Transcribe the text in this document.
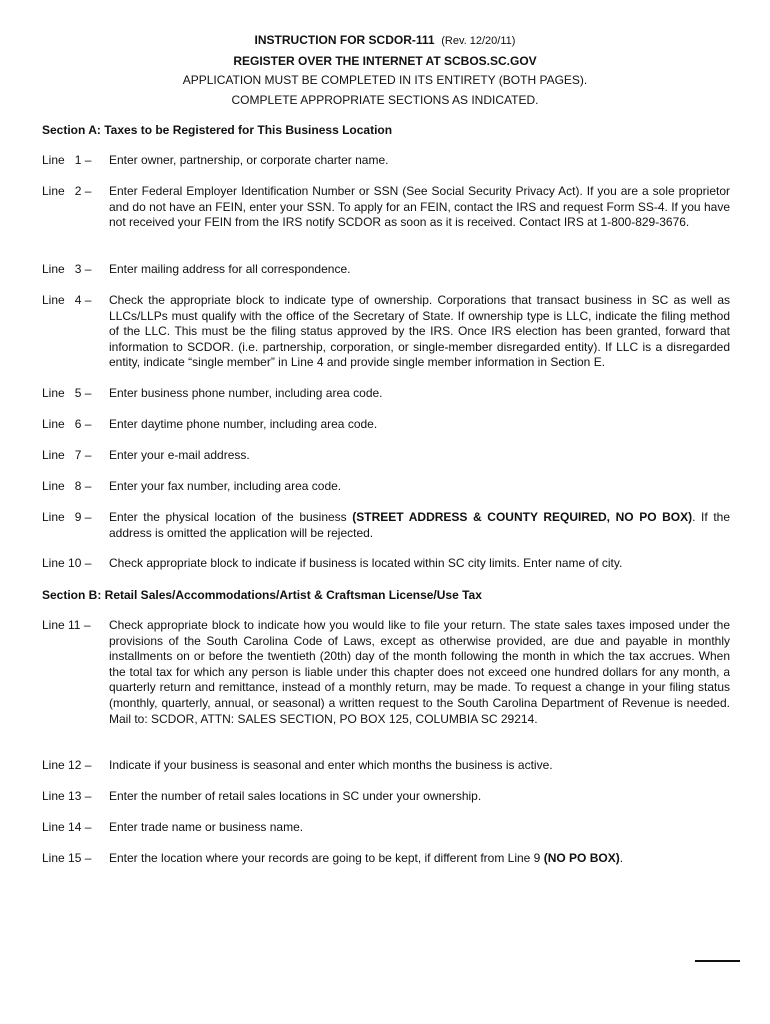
INSTRUCTION FOR SCDOR-111 (Rev. 12/20/11)
REGISTER OVER THE INTERNET AT SCBOS.SC.GOV
APPLICATION MUST BE COMPLETED IN ITS ENTIRETY (BOTH PAGES).
COMPLETE APPROPRIATE SECTIONS AS INDICATED.
Section A: Taxes to be Registered for This Business Location
Line   1 –	Enter owner, partnership, or corporate charter name.
Line   2 –	Enter Federal Employer Identification Number or SSN (See Social Security Privacy Act). If you are a sole proprietor and do not have an FEIN, enter your SSN. To apply for an FEIN, contact the IRS and request Form SS-4. If you have not received your FEIN from the IRS notify SCDOR as soon as it is received. Contact IRS at 1-800-829-3676.
Line   3 –	Enter mailing address for all correspondence.
Line   4 –	Check the appropriate block to indicate type of ownership. Corporations that transact business in SC as well as LLCs/LLPs must qualify with the office of the Secretary of State. If ownership type is LLC, indicate the filing method of the LLC. This must be the filing status approved by the IRS. Once IRS election has been granted, forward that information to SCDOR. (i.e. partnership, corporation, or single-member disregarded entity). If LLC is a disregarded entity, indicate “single member” in Line 4 and provide single member information in Section E.
Line   5 –	Enter business phone number, including area code.
Line   6 –	Enter daytime phone number, including area code.
Line   7 –	Enter your e-mail address.
Line   8 –	Enter your fax number, including area code.
Line   9 –	Enter the physical location of the business (STREET ADDRESS & COUNTY REQUIRED, NO PO BOX). If the address is omitted the application will be rejected.
Line 10 –	Check appropriate block to indicate if business is located within SC city limits. Enter name of city.
Section B: Retail Sales/Accommodations/Artist & Craftsman License/Use Tax
Line 11 –	Check appropriate block to indicate how you would like to file your return. The state sales taxes imposed under the provisions of the South Carolina Code of Laws, except as otherwise provided, are due and payable in monthly installments on or before the twentieth (20th) day of the month following the month in which the tax accrues. When the total tax for which any person is liable under this chapter does not exceed one hundred dollars for any month, a quarterly return and remittance, instead of a monthly return, may be made. To request a change in your filing status (monthly, quarterly, annual, or seasonal) a written request to the South Carolina Department of Revenue is needed. Mail to: SCDOR, ATTN: SALES SECTION, PO BOX 125, COLUMBIA SC 29214.
Line 12 –	Indicate if your business is seasonal and enter which months the business is active.
Line 13 –	Enter the number of retail sales locations in SC under your ownership.
Line 14 –	Enter trade name or business name.
Line 15 –	Enter the location where your records are going to be kept, if different from Line 9 (NO PO BOX).
